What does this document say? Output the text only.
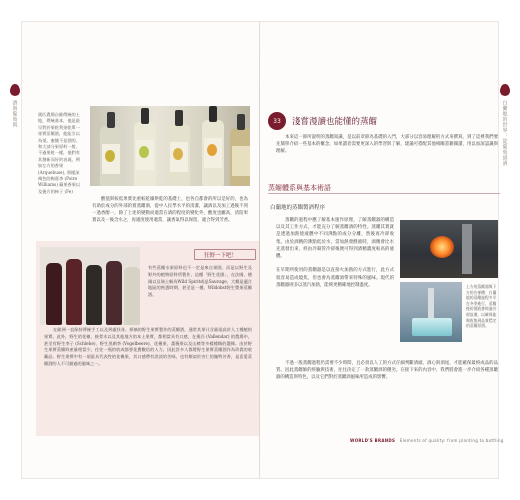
酒與葡萄與	白蘭地的世界：從葡萄到酒
奧匹農場自歐傳統的土地，傳統基本，他是最早對於果乾利果乾單一果實蒸餾酒，他能引以為榮。蜜餞不是酒的，和大部分果原料一般，不過果乾一樣，他們有其創新而好的表現，例如左方的香果 (Arquebuse), 那樣深褐色的梅嘉李 (Poire Williams) 蘋果香果以及後方的柿子 (Fe)

酸值與較低果實比重較乾燥烘乾的基礎上，也各自都會的所以是好的，也為有助於成分的外部的實蒸餾酒，從中人民學水平的清潔，讓酒以及加工過後不到一過香醇一，除了上述的變動而適當在酒的程度的變化外，酸度也屬高，清陪果實以及一後含水之，再適度使用適當，讓香氣得以保留，適合得到芳香。

狂野一下吧！
有些蒸餾水果原料也不一定是來自果園，而是以野生及野外的植物原料所製作，這種「野生花園」，在法國、德國以及瑞士稱為Wild Spirit或是Sauvage，大概是適合地區的熟悉時期，甚至是一種，Wildobst野生漿果蒸餾酒。

在歐洲一直保持傳統手工以及到處找尋、採摘的野生果實製作的蒸餾酒，通常其果汁含量遠高於人工種植的果實。此外，野生的花椒、接骨木以及其他地方的本土果實，都相當具有口感，在奧匹 (Vallendar) 的農場中，甚至有野生李子 (Schlehe)、野生黑刺李 (Vogelbeere)、花楸果、薔薇果以及山楂等多樣種類的選擇。由於野生果實蒸餾時產量相當少，往往一瓶的收成都要花費數倍的人力，因此許多人都將野生果實蒸餾酒作為珍貴的收藏品。野生果實中有一項最具代表性的花楸果，其口感帶有淡淡的苦味，也有類似於杏仁的獨特芳香，是喜愛蒸餾酒的人不可錯過的風味之一。

33	淺嘗漫讀也能懂的蒸餾

本來這一節所說明的蒸餾知識，是以前章節為基礎的入門，大部分以容易理解的方式來撰寫，到了這裡我們要先簡單介紹一些基本的概念，如果讀者需要更深入的學習與了解，建議可搭配其他相關書籍閱讀，用以加深認識與理解。

蒸餾體系與基本術語
白蘭地的蒸餾製酒程序

蒸餾的過程中應了解基本運作原理，了解蒸餾器的構造以及其工作方式，才能充分了解蒸餾酒的特性。蒸餾其實就是透過加熱使液體中不同沸點的成分分離，然後再冷卻收集。由於酒精的沸點低於水，當加熱發酵液時，酒精會比水先蒸發出來，經由冷凝管冷卻後便可得到酒精濃度較高的液體。

在早期所使用的蒸餾器是以直接火加熱的方式進行，此方式很容易造成燒焦，但也會為蒸餾酒帶來特殊的風味。現代的蒸餾器則多以蒸汽加熱，能夠更精確地控制溫度。	上方的蒸餾器與下方的冷卻槽：白蘭地的蒸餾過程多半在冬季進行，蒸餾後的酒液會經過冷卻設備，以確保能夠收集到品質穩定的蒸餾原酒。

不過一般蒸餾過程仍需要不少時間，且必須以人工的方式仔細判斷酒頭、酒心與酒尾，才能確保最終成品的品質。因此蒸餾師的經驗與技術，往往決定了一款蒸餾酒的優劣。在接下來的內容中，我們將會進一步介紹各種蒸餾器的構造與特色，以及它們對於蒸餾酒風味所造成的影響。

WORLD'S BRANDS Elements of quality: from planting to bottling
